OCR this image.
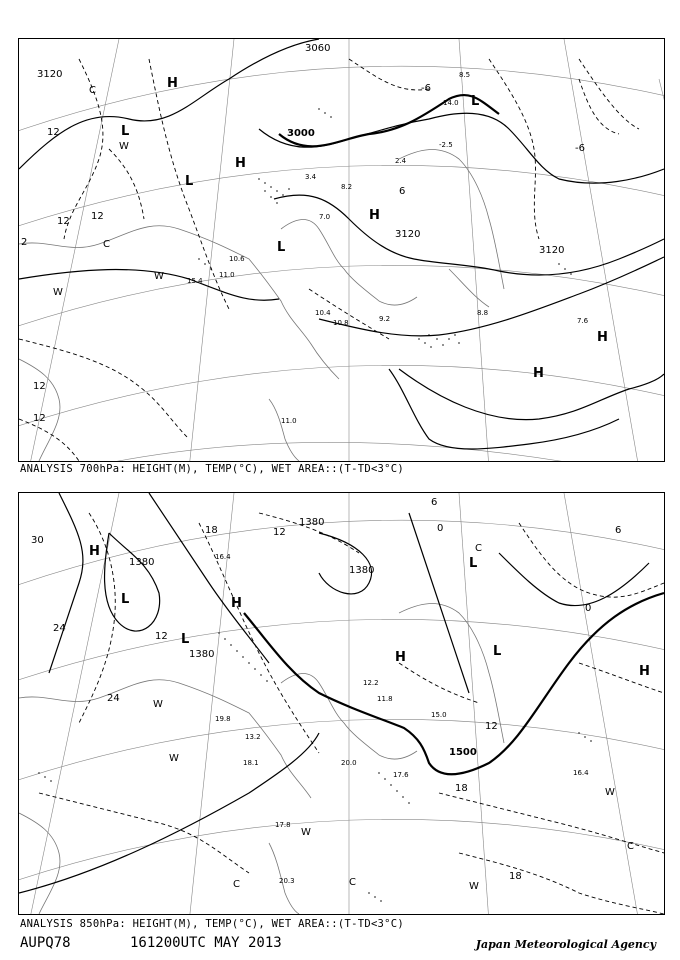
3120
3060
3000
3120
3120
12
12 12
12
12
-6
-6
6
2
H
H
H
H
H
L
L
L
L
W
W
W
C
C
8.5
14.0
15.4
10.6
11.0
3.4
8.2
7.0
2.4
-2.5
9.2
8.8
7.6
10.8
10.4
11.0
ANALYSIS 700hPa: HEIGHT(M), TEMP(°C), WET AREA::(T-TD<3°C)
1380
1380
1380
1380
1500
30
24
24
18
18
18
12
12
12
6
6
0
0
H
H
H
H
L
L
L
L
W
W
W
W
W
C
C	C
C
16.4
11.8
15.0
17.6
20.0
12.2
19.8
13.2
16.4
18.1
20.3
17.8
ANALYSIS 850hPa: HEIGHT(M), TEMP(°C), WET AREA::(T-TD<3°C)
AUPQ78	161200UTC MAY 2013	Japan Meteorological Agency
